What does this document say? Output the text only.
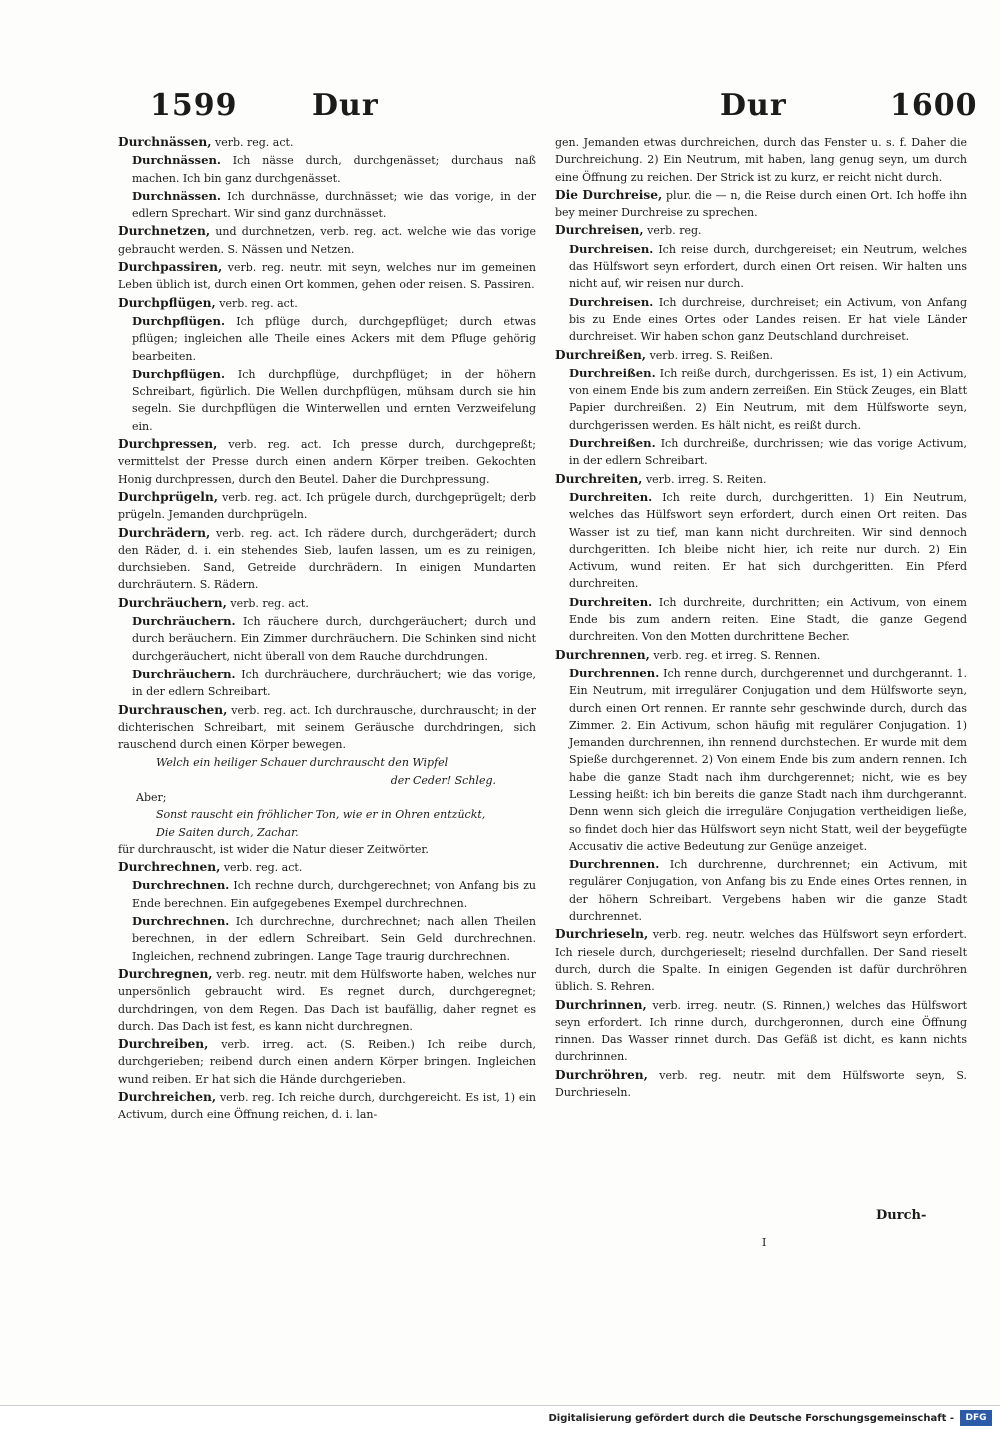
1599 Dur	Dur	1600
Durchnässen, verb. reg. act.
Durchnässen. Ich nässe durch, durchgenässet; durchaus naß machen. Ich bin ganz durchgenässet.
Durchnässen. Ich durchnässe, durchnässet; wie das vorige, in der edlern Sprechart. Wir sind ganz durchnässet.
Durchnetzen, und durchnetzen, verb. reg. act. welche wie das vorige gebraucht werden. S. Nässen und Netzen.
Durchpassiren, verb. reg. neutr. mit seyn, welches nur im gemeinen Leben üblich ist, durch einen Ort kommen, gehen oder reisen. S. Passiren.
Durchpflügen, verb. reg. act.
Durchpflügen. Ich pflüge durch, durchgepflüget; durch etwas pflügen; ingleichen alle Theile eines Ackers mit dem Pfluge gehörig bearbeiten.
Durchpflügen. Ich durchpflüge, durchpflüget; in der höhern Schreibart, figürlich. Die Wellen durchpflügen, mühsam durch sie hin segeln. Sie durchpflügen die Winterwellen und ernten Verzweifelung ein.
Durchpressen, verb. reg. act. Ich presse durch, durchgepreßt; vermittelst der Presse durch einen andern Körper treiben. Gekochten Honig durchpressen, durch den Beutel. Daher die Durchpressung.
Durchprügeln, verb. reg. act. Ich prügele durch, durchgeprügelt; derb prügeln. Jemanden durchprügeln.
Durchrädern, verb. reg. act. Ich rädere durch, durchgerädert; durch den Räder, d. i. ein stehendes Sieb, laufen lassen, um es zu reinigen, durchsieben. Sand, Getreide durchrädern. In einigen Mundarten durchräutern. S. Rädern.
Durchräuchern, verb. reg. act.
Durchräuchern. Ich räuchere durch, durchgeräuchert; durch und durch beräuchern. Ein Zimmer durchräuchern. Die Schinken sind nicht durchgeräuchert, nicht überall von dem Rauche durchdrungen.
Durchräuchern. Ich durchräuchere, durchräuchert; wie das vorige, in der edlern Schreibart.
Durchrauschen, verb. reg. act. Ich durchrausche, durchrauscht; in der dichterischen Schreibart, mit seinem Geräusche durchdringen, sich rauschend durch einen Körper bewegen.
Welch ein heiliger Schauer durchrauscht den Wipfel
der Ceder! Schleg.
Aber;
Sonst rauscht ein fröhlicher Ton, wie er in Ohren entzückt,
Die Saiten durch, Zachar.
für durchrauscht, ist wider die Natur dieser Zeitwörter.
Durchrechnen, verb. reg. act.
Durchrechnen. Ich rechne durch, durchgerechnet; von Anfang bis zu Ende berechnen. Ein aufgegebenes Exempel durchrechnen.
Durchrechnen. Ich durchrechne, durchrechnet; nach allen Theilen berechnen, in der edlern Schreibart. Sein Geld durchrechnen. Ingleichen, rechnend zubringen. Lange Tage traurig durchrechnen.
Durchregnen, verb. reg. neutr. mit dem Hülfsworte haben, welches nur unpersönlich gebraucht wird. Es regnet durch, durchgeregnet; durchdringen, von dem Regen. Das Dach ist baufällig, daher regnet es durch. Das Dach ist fest, es kann nicht durchregnen.
Durchreiben, verb. irreg. act. (S. Reiben.) Ich reibe durch, durchgerieben; reibend durch einen andern Körper bringen. Ingleichen wund reiben. Er hat sich die Hände durchgerieben.
Durchreichen, verb. reg. Ich reiche durch, durchgereicht. Es ist, 1) ein Activum, durch eine Öffnung reichen, d. i. lan-
gen. Jemanden etwas durchreichen, durch das Fenster u. s. f. Daher die Durchreichung. 2) Ein Neutrum, mit haben, lang genug seyn, um durch eine Öffnung zu reichen. Der Strick ist zu kurz, er reicht nicht durch.
Die Durchreise, plur. die — n, die Reise durch einen Ort. Ich hoffe ihn bey meiner Durchreise zu sprechen.
Durchreisen, verb. reg.
Durchreisen. Ich reise durch, durchgereiset; ein Neutrum, welches das Hülfswort seyn erfordert, durch einen Ort reisen. Wir halten uns nicht auf, wir reisen nur durch.
Durchreisen. Ich durchreise, durchreiset; ein Activum, von Anfang bis zu Ende eines Ortes oder Landes reisen. Er hat viele Länder durchreiset. Wir haben schon ganz Deutschland durchreiset.
Durchreißen, verb. irreg. S. Reißen.
Durchreißen. Ich reiße durch, durchgerissen. Es ist, 1) ein Activum, von einem Ende bis zum andern zerreißen. Ein Stück Zeuges, ein Blatt Papier durchreißen. 2) Ein Neutrum, mit dem Hülfsworte seyn, durchgerissen werden. Es hält nicht, es reißt durch.
Durchreißen. Ich durchreiße, durchrissen; wie das vorige Activum, in der edlern Schreibart.
Durchreiten, verb. irreg. S. Reiten.
Durchreiten. Ich reite durch, durchgeritten. 1) Ein Neutrum, welches das Hülfswort seyn erfordert, durch einen Ort reiten. Das Wasser ist zu tief, man kann nicht durchreiten. Wir sind dennoch durchgeritten. Ich bleibe nicht hier, ich reite nur durch. 2) Ein Activum, wund reiten. Er hat sich durchgeritten. Ein Pferd durchreiten.
Durchreiten. Ich durchreite, durchritten; ein Activum, von einem Ende bis zum andern reiten. Eine Stadt, die ganze Gegend durchreiten. Von den Motten durchrittene Becher.
Durchrennen, verb. reg. et irreg. S. Rennen.
Durchrennen. Ich renne durch, durchgerennet und durchgerannt. 1. Ein Neutrum, mit irregulärer Conjugation und dem Hülfsworte seyn, durch einen Ort rennen. Er rannte sehr geschwinde durch, durch das Zimmer. 2. Ein Activum, schon häufig mit regulärer Conjugation. 1) Jemanden durchrennen, ihn rennend durchstechen. Er wurde mit dem Spieße durchgerennet. 2) Von einem Ende bis zum andern rennen. Ich habe die ganze Stadt nach ihm durchgerennet; nicht, wie es bey Lessing heißt: ich bin bereits die ganze Stadt nach ihm durchgerannt. Denn wenn sich gleich die irreguläre Conjugation vertheidigen ließe, so findet doch hier das Hülfswort seyn nicht Statt, weil der beygefügte Accusativ die active Bedeutung zur Genüge anzeiget.
Durchrennen. Ich durchrenne, durchrennet; ein Activum, mit regulärer Conjugation, von Anfang bis zu Ende eines Ortes rennen, in der höhern Schreibart. Vergebens haben wir die ganze Stadt durchrennet.
Durchrieseln, verb. reg. neutr. welches das Hülfswort seyn erfordert. Ich riesele durch, durchgerieselt; rieselnd durchfallen. Der Sand rieselt durch, durch die Spalte. In einigen Gegenden ist dafür durchröhren üblich. S. Rehren.
Durchrinnen, verb. irreg. neutr. (S. Rinnen,) welches das Hülfswort seyn erfordert. Ich rinne durch, durchgeronnen, durch eine Öffnung rinnen. Das Wasser rinnet durch. Das Gefäß ist dicht, es kann nichts durchrinnen.
Durchröhren, verb. reg. neutr. mit dem Hülfsworte seyn, S. Durchrieseln.
Durch-
I
Digitalisierung gefördert durch die Deutsche Forschungsgemeinschaft -	DFG
